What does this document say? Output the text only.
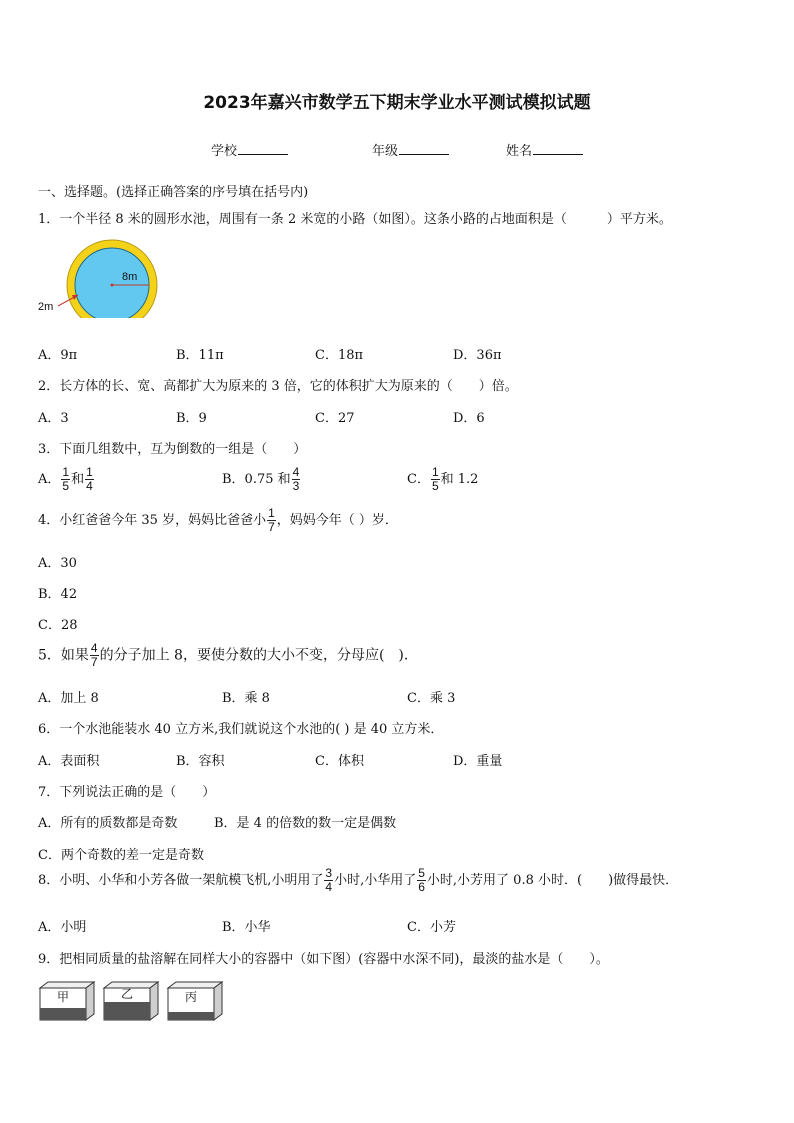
2023年嘉兴市数学五下期末学业水平测试模拟试题
学校	年级	姓名
一、选择题。(选择正确答案的序号填在括号内)
1．一个半径 8 米的圆形水池，周围有一条 2 米宽的小路（如图）。这条小路的占地面积是（	）平方米。
8m
2m
A．9π	B．11π	C．18π	D．36π
2．长方体的长、宽、高都扩大为原来的 3 倍，它的体积扩大为原来的（　　）倍。
A．3	B．9	C．27	D．6
3．下面几组数中，互为倒数的一组是（　　）
A． $\frac{1}{5}$ 和 $\frac{1}{4}$	B．0.75 和 $\frac{4}{3}$	C． $\frac{1}{5}$ 和 1.2
4．小红爸爸今年 35 岁，妈妈比爸爸小 $\frac{1}{7}$ ，妈妈今年（ ）岁．
A．30
B．42
C．28
5．如果 $\frac{4}{7}$ 的分子加上 8，要使分数的大小不变，分母应(　)．
A．加上 8	B．乘 8	C．乘 3
6．一个水池能装水 40 立方米,我们就说这个水池的( ) 是 40 立方米．
A．表面积	B．容积	C．体积	D．重量
7．下列说法正确的是（　　）
A．所有的质数都是奇数	B．是 4 的倍数的数一定是偶数
C．两个奇数的差一定是奇数
8．小明、小华和小芳各做一架航模飞机,小明用了 $\frac{3}{4}$ 小时,小华用了 $\frac{5}{6}$ 小时,小芳用了 0.8 小时．(　　)做得最快．
A．小明	B．小华	C．小芳
9．把相同质量的盐溶解在同样大小的容器中（如下图）(容器中水深不同)，最淡的盐水是（　　）。
甲	乙	丙
